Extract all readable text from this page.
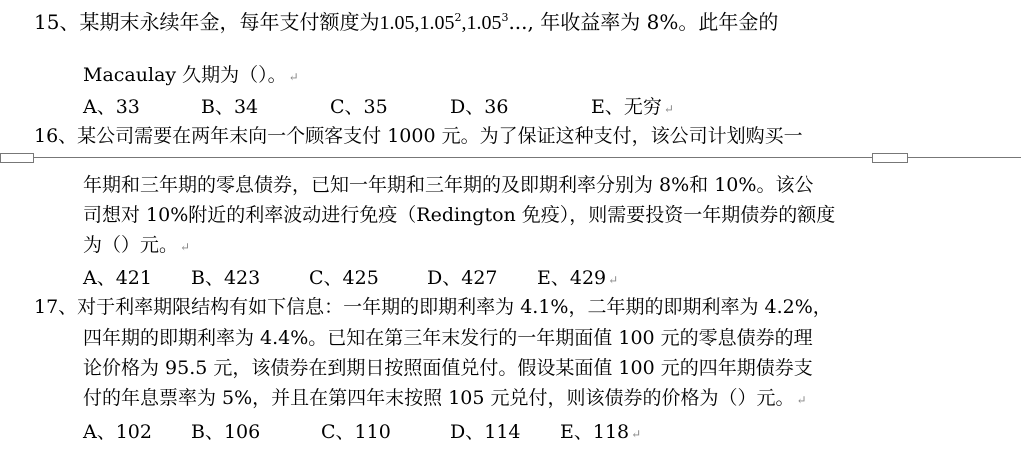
15、某期末永续年金，每年支付额度为1.05,1.05$^2$,1.05$^3$..., 年收益率为 8%。此年金的
Macaulay 久期为（）。 ↵
A、33	B、34	C、35	D、36	E、无穷 ↵
16、某公司需要在两年末向一个顾客支付 1000 元。为了保证这种支付，该公司计划购买一
年期和三年期的零息债券，已知一年期和三年期的及即期利率分别为 8%和 10%。该公
司想对 10%附近的利率波动进行免疫（Redington 免疫），则需要投资一年期债券的额度
为（）元。 ↵
A、421 B、423	C、425	D、427 E、429 ↵
17、对于利率期限结构有如下信息：一年期的即期利率为 4.1%，二年期的即期利率为 4.2%，
四年期的即期利率为 4.4%。已知在第三年末发行的一年期面值 100 元的零息债券的理
论价格为 95.5 元，该债券在到期日按照面值兑付。假设某面值 100 元的四年期债券支
付的年息票率为 5%，并且在第四年末按照 105 元兑付，则该债券的价格为（）元。 ↵
A、102 B、106	C、110	D、114 E、118 ↵
